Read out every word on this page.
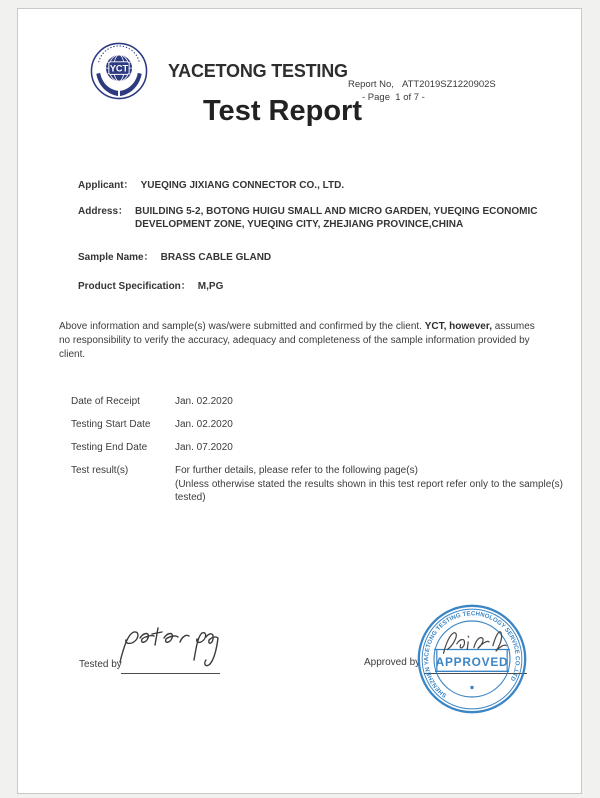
YCT YACETONG TESTING
Report No, ATT2019SZ1220902S
- Page  1 of 7 -
Test Report
Applicant： YUEQING JIXIANG CONNECTOR CO., LTD.
Address： BUILDING 5-2, BOTONG HUIGU SMALL AND MICRO GARDEN, YUEQING ECONOMIC DEVELOPMENT ZONE, YUEQING CITY, ZHEJIANG PROVINCE,CHINA
Sample Name： BRASS CABLE GLAND
Product Specification： M,PG
Above information and sample(s) was/were submitted and confirmed by the client. YCT, however, assumes no responsibility to verify the accuracy, adequacy and completeness of the sample information provided by client.
Date of Receipt	Jan. 02.2020
Testing Start Date	Jan. 02.2020
Testing End Date	Jan. 07.2020
Test result(s)	For further details, please refer to the following page(s)
(Unless otherwise stated the results shown in this test report refer only to the sample(s) tested)
Tested by	Approved by
SHENZHEN YACETONG TESTING TECHNOLOGY SERVICE CO.,LTD
APPROVED
